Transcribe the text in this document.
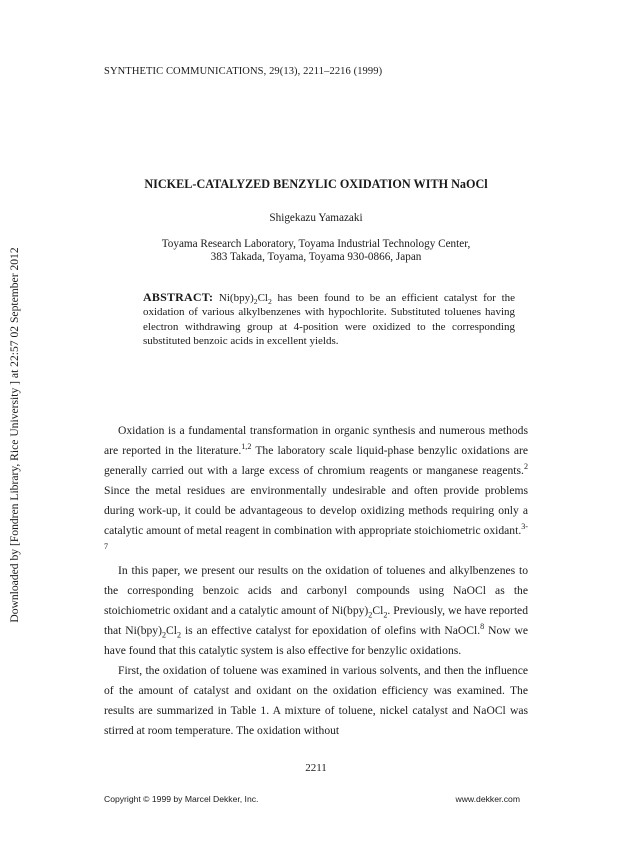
Downloaded by [Fondren Library, Rice University ] at 22:57 02 September 2012
SYNTHETIC COMMUNICATIONS, 29(13), 2211–2216 (1999)
NICKEL-CATALYZED BENZYLIC OXIDATION WITH NaOCl
Shigekazu Yamazaki
Toyama Research Laboratory, Toyama Industrial Technology Center,
383 Takada, Toyama, Toyama 930-0866, Japan
ABSTRACT: $Ni(bpy)_2Cl_2$ has been found to be an efficient catalyst for the oxidation of various alkylbenzenes with hypochlorite. Substituted toluenes having electron withdrawing group at 4-position were oxidized to the corresponding substituted benzoic acids in excellent yields.

Oxidation is a fundamental transformation in organic synthesis and numerous methods are reported in the literature.$^{1,2}$ The laboratory scale liquid-phase benzylic oxidations are generally carried out with a large excess of chromium reagents or manganese reagents.$^2$ Since the metal residues are environmentally undesirable and often provide problems during work-up, it could be advantageous to develop oxidizing methods requiring only a catalytic amount of metal reagent in combination with appropriate stoichiometric oxidant.$^{3-7}$

In this paper, we present our results on the oxidation of toluenes and alkylbenzenes to the corresponding benzoic acids and carbonyl compounds using NaOCl as the stoichiometric oxidant and a catalytic amount of $Ni(bpy)_2Cl_2$. Previously, we have reported that $Ni(bpy)_2Cl_2$ is an effective catalyst for epoxidation of olefins with NaOCl.$^8$ Now we have found that this catalytic system is also effective for benzylic oxidations.

First, the oxidation of toluene was examined in various solvents, and then the influence of the amount of catalyst and oxidant on the oxidation efficiency was examined. The results are summarized in Table 1. A mixture of toluene, nickel catalyst and NaOCl was stirred at room temperature. The oxidation without

2211
Copyright © 1999 by Marcel Dekker, Inc.	www.dekker.com
